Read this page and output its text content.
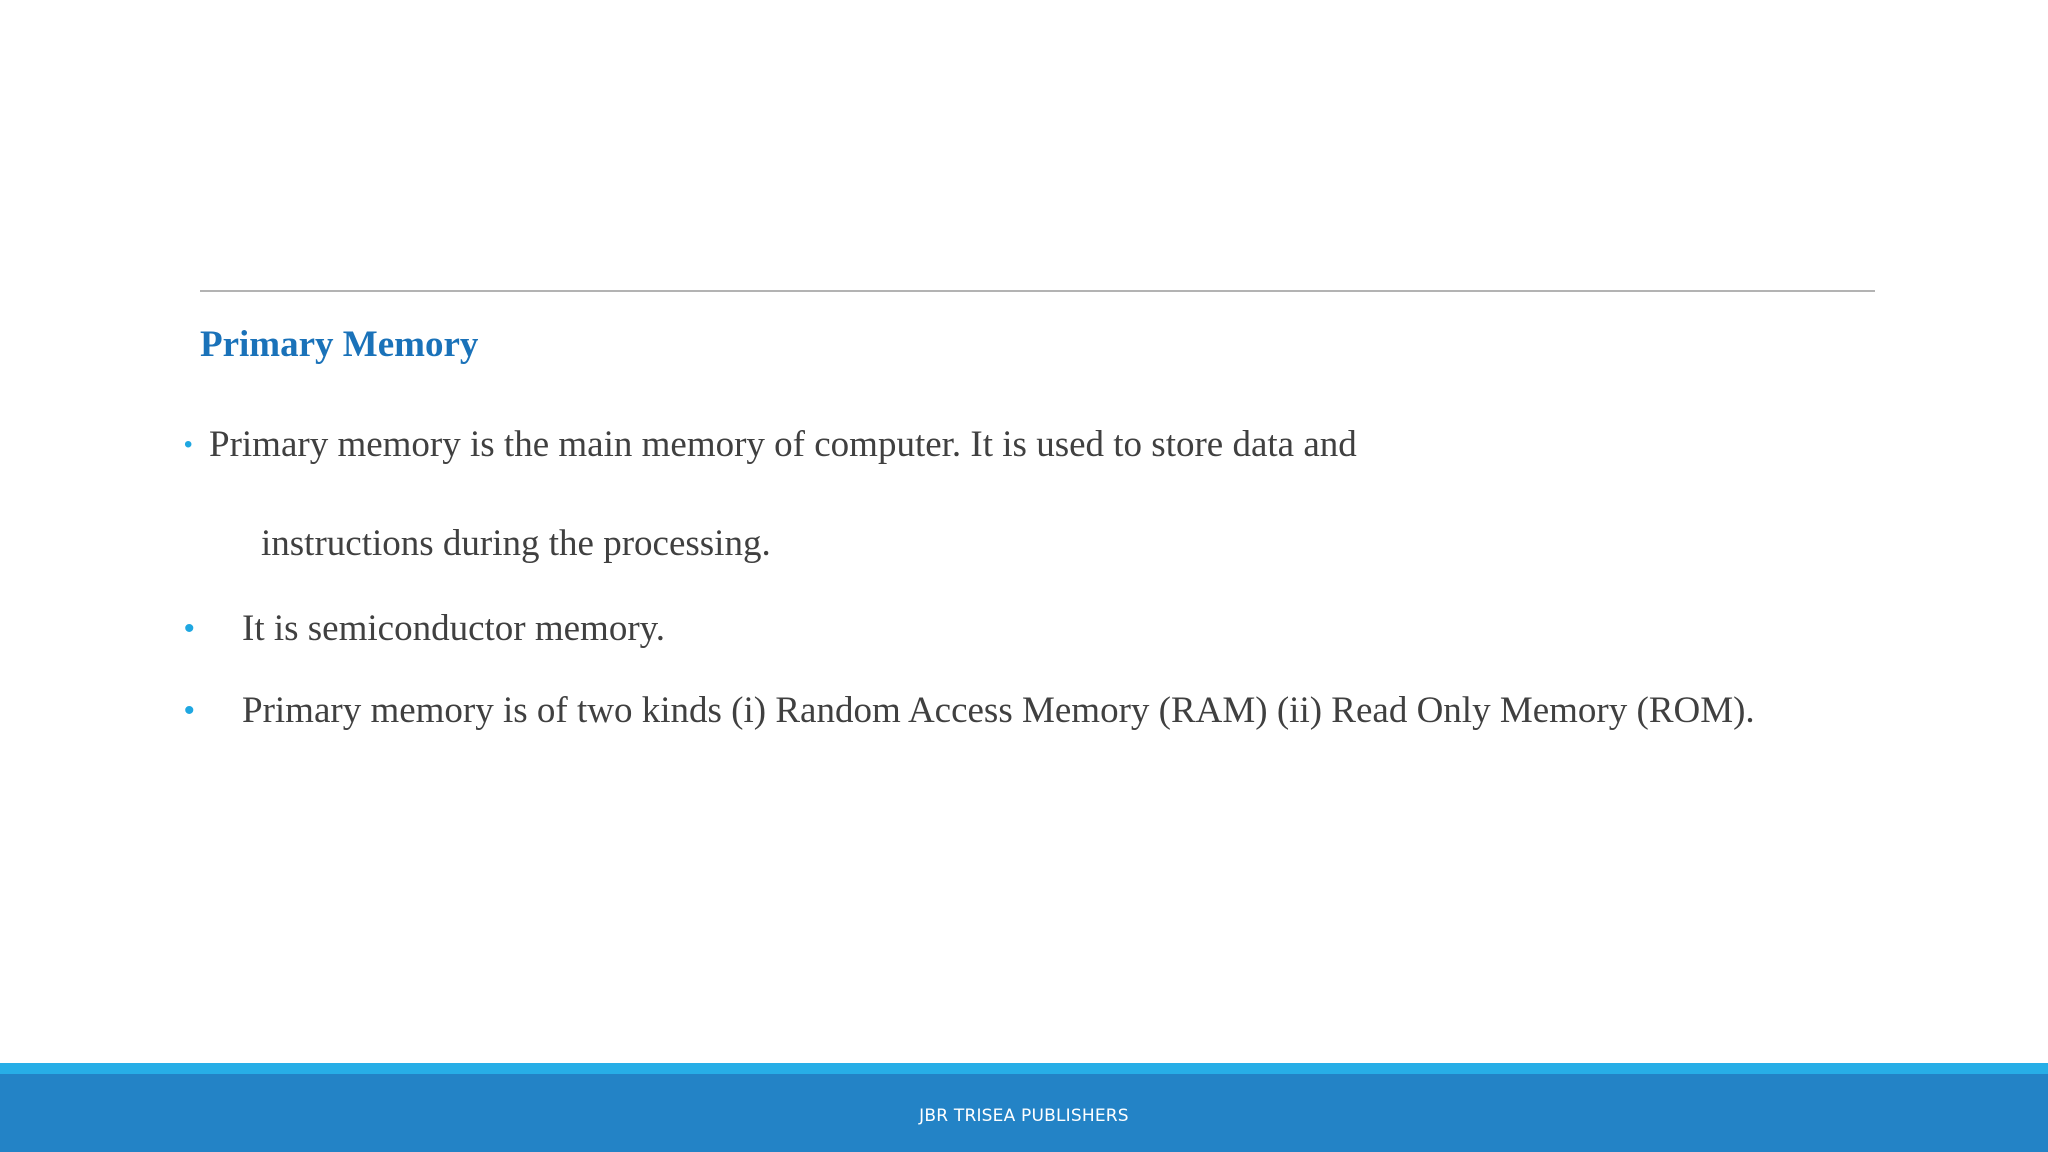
Primary Memory
• Primary memory is the main memory of computer. It is used to store data and
instructions during the processing.
• It is semiconductor memory.
• Primary memory is of two kinds (i) Random Access Memory (RAM) (ii) Read Only Memory (ROM).
JBR TRISEA PUBLISHERS
